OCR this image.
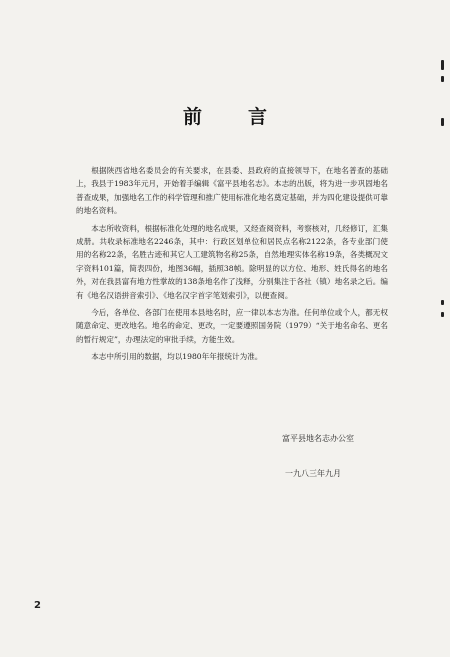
前言

根据陕西省地名委员会的有关要求，在县委、县政府的直接领导下，在地名普查的基础上，我县于1983年元月，开始着手编辑《富平县地名志》。本志的出版，将为进一步巩固地名普查成果，加强地名工作的科学管理和推广使用标准化地名奠定基础，并为四化建设提供可靠的地名资料。

本志所收资料，根据标准化处理的地名成果，又经查阅资料，考察核对，几经修订，汇集成册。共收录标准地名2246条，其中：行政区划单位和居民点名称2122条，各专业部门使用的名称22条，名胜古迹和其它人工建筑物名称25条，自然地理实体名称19条，各类概况文字资料101篇，简表四份，地图36幅，插照38帧。除明显的以方位、地形、姓氏得名的地名外，对在我县富有地方性掌故的138条地名作了浅释，分别集注于各社（镇）地名录之后。编有《地名汉语拼音索引》、《地名汉字首字笔划索引》，以便查阅。

今后，各单位、各部门在使用本县地名时，应一律以本志为准。任何单位或个人，都无权随意命定、更改地名。地名的命定、更改，一定要遵照国务院（1979）“关于地名命名、更名的暂行规定”，办理法定的审批手续，方能生效。

本志中所引用的数据，均以1980年年报统计为准。

富平县地名志办公室
一九八三年九月
2
